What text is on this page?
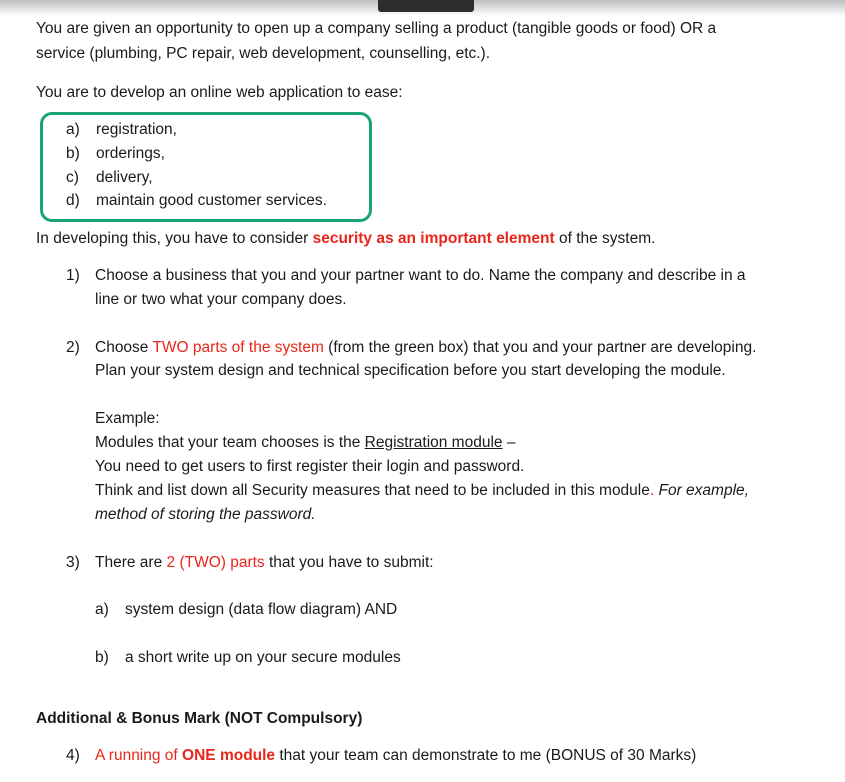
You are given an opportunity to open up a company selling a product (tangible goods or food) OR a

service (plumbing, PC repair, web development, counselling, etc.).

You are to develop an online web application to ease:

a) registration,
b) orderings,
c) delivery,
d) maintain good customer services.

In developing this, you have to consider security as an important element of the system.

1) Choose a business that you and your partner want to do. Name the company and describe in a
line or two what your company does.
2) Choose TWO parts of the system (from the green box) that you and your partner are developing.
Plan your system design and technical specification before you start developing the module.
Example:
Modules that your team chooses is the Registration module –
You need to get users to first register their login and password.
Think and list down all Security measures that need to be included in this module. For example,
method of storing the password.
3) There are 2 (TWO) parts that you have to submit:
a) system design (data flow diagram) AND
b) a short write up on your secure modules

Additional & Bonus Mark (NOT Compulsory)

4) A running of ONE module that your team can demonstrate to me (BONUS of 30 Marks)
